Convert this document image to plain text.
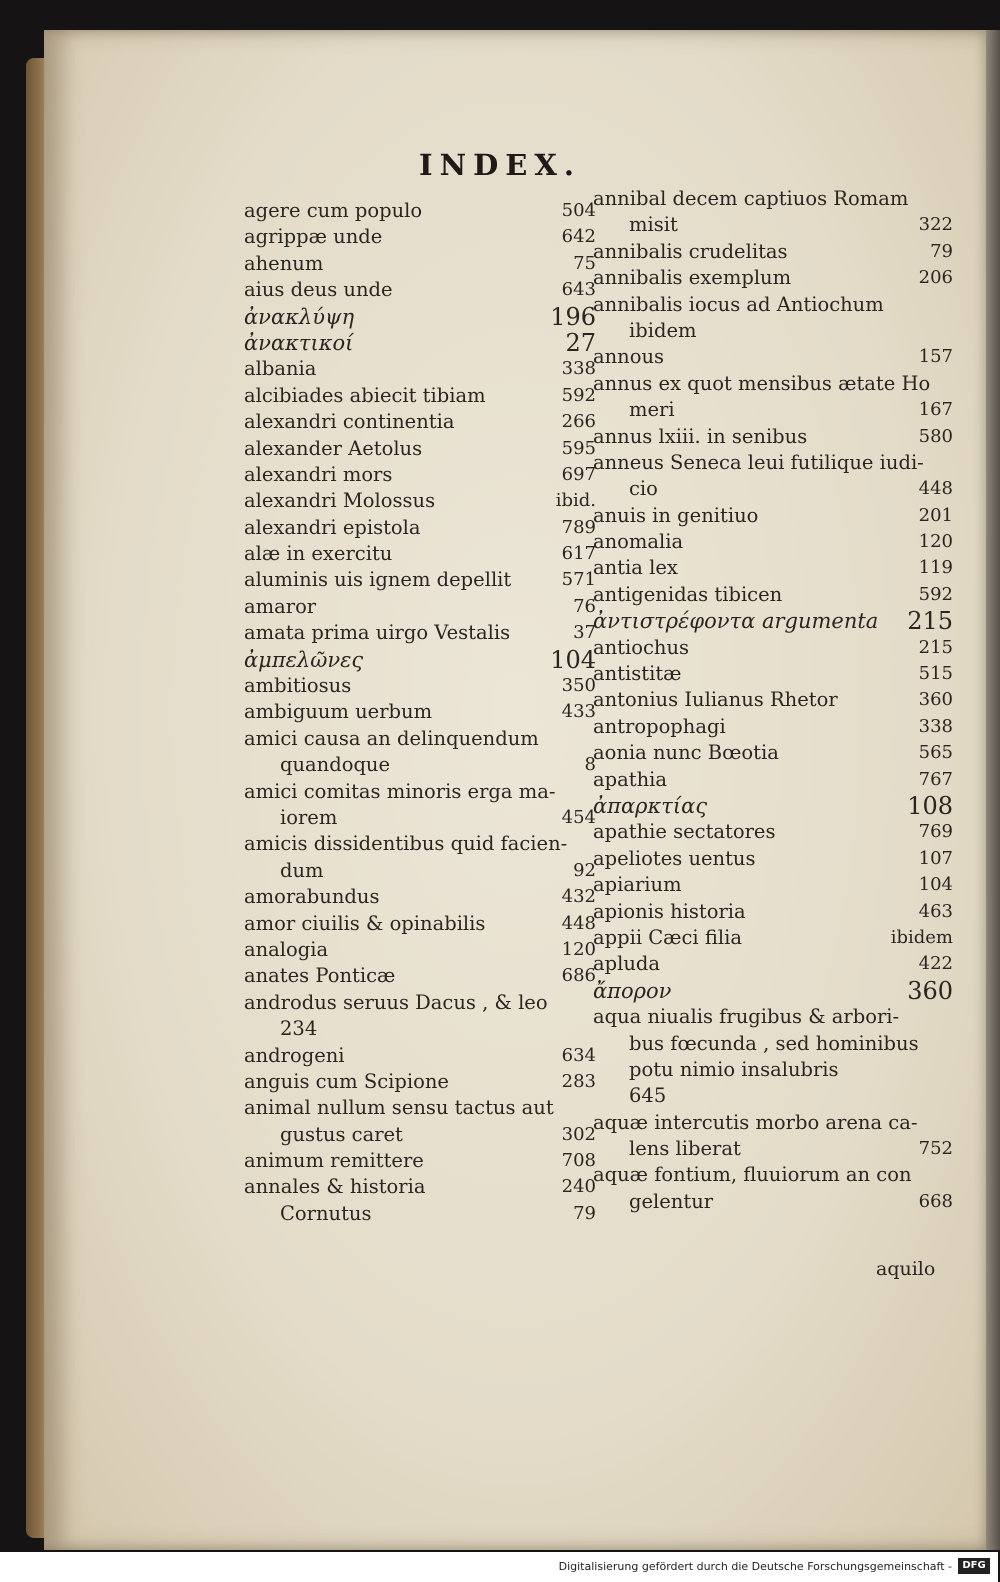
INDEX.
agere cum populo	504
agrippæ unde	642
ahenum	75
aius deus unde	643
ἀνακλύψη	196
ἀνακτικοί	27
albania	338
alcibiades abiecit tibiam	592
alexandri continentia	266
alexander Aetolus	595
alexandri mors	697
alexandri Molossus	ibid.
alexandri epistola	789
alæ in exercitu	617
aluminis uis ignem depellit	571
amaror	76
amata prima uirgo Vestalis	37
ἀμπελῶνες	104
ambitiosus	350
ambiguum uerbum	433
amici causa an delinquendum
quandoque	8
amici comitas minoris erga ma-
iorem	454
amicis dissidentibus quid facien-
dum	92
amorabundus	432
amor ciuilis & opinabilis	448
analogia	120
anates Ponticæ	686
androdus seruus Dacus , & leo
234
androgeni	634
anguis cum Scipione	283
animal nullum sensu tactus aut
gustus caret	302
animum remittere	708
annales & historia	240
Cornutus	79
annibal decem captiuos Romam
misit	322
annibalis crudelitas	79
annibalis exemplum	206
annibalis iocus ad Antiochum
ibidem
annous	157
annus ex quot mensibus ætate Ho
meri	167
annus lxiii. in senibus	580
anneus Seneca leui futilique iudi-
cio	448
anuis in genitiuo	201
anomalia	120
antia lex	119
antigenidas tibicen	592
ἀντιστρέφοντα argumenta 215
antiochus	215
antistitæ	515
antonius Iulianus Rhetor	360
antropophagi	338
aonia nunc Bœotia	565
apathia	767
ἀπαρκτίας	108
apathie sectatores	769
apeliotes uentus	107
apiarium	104
apionis historia	463
appii Cæci filia	ibidem
apluda	422
ἄπορον	360
aqua niualis frugibus & arbori-
bus fœcunda , sed hominibus
potu nimio insalubris
645
aquæ intercutis morbo arena ca-
lens liberat	752
aquæ fontium, fluuiorum an con
gelentur	668
aquilo
Digitalisierung gefördert durch die Deutsche Forschungsgemeinschaft -	DFG
